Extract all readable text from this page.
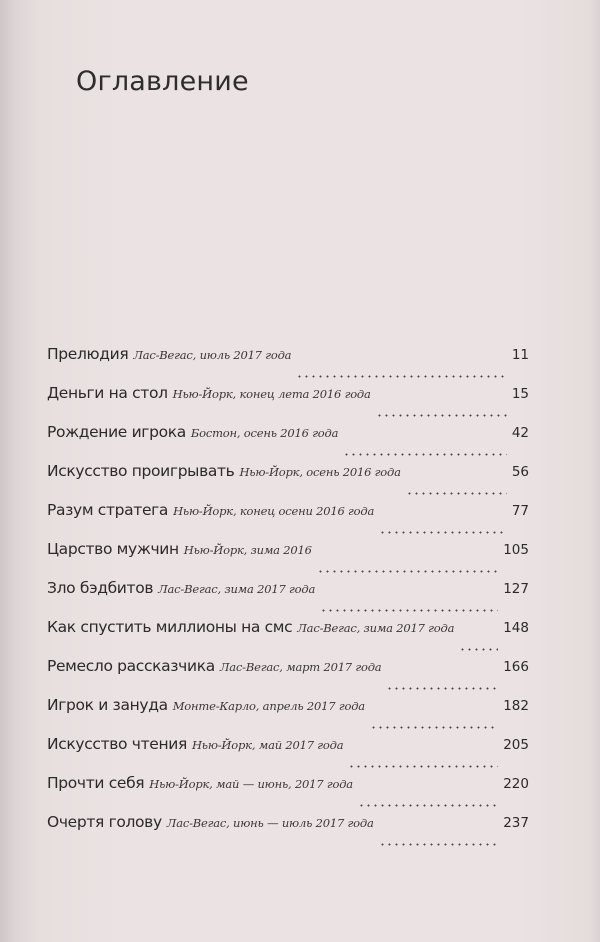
Оглавление
Прелюдия Лас-Вегас, июль 2017 года	11
Деньги на стол Нью-Йорк, конец лета 2016 года	15
Рождение игрока Бостон, осень 2016 года	42
Искусство проигрывать Нью-Йорк, осень 2016 года	56
Разум стратега Нью-Йорк, конец осени 2016 года	77
Царство мужчин Нью-Йорк, зима 2016	105
Зло бэдбитов Лас-Вегас, зима 2017 года	127
Как спустить миллионы на смс Лас-Вегас, зима 2017 года	148
Ремесло рассказчика Лас-Вегас, март 2017 года	166
Игрок и зануда Монте-Карло, апрель 2017 года	182
Искусство чтения Нью-Йорк, май 2017 года	205
Прочти себя Нью-Йорк, май — июнь, 2017 года	220
Очертя голову Лас-Вегас, июнь — июль 2017 года	237
